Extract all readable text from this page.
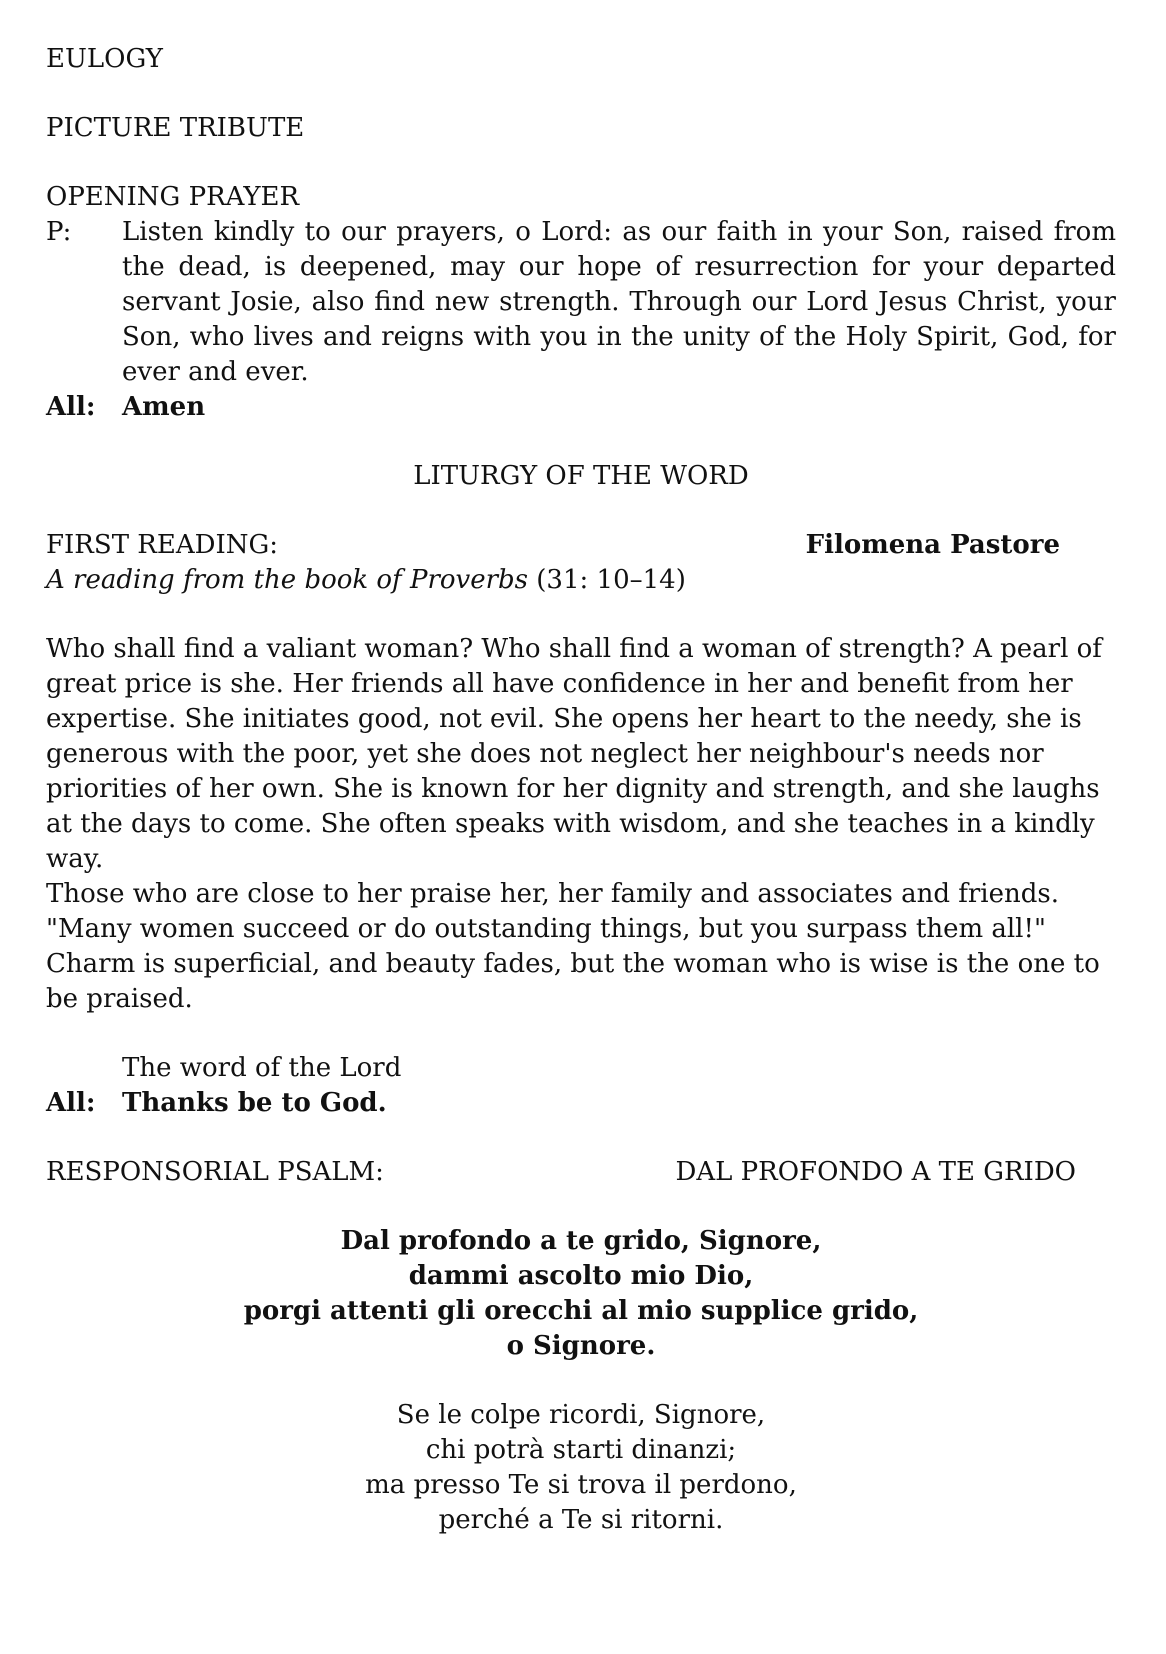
EULOGY
PICTURE TRIBUTE
OPENING PRAYER
P:	Listen kindly to our prayers, o Lord: as our faith in your Son, raised from the dead, is deepened, may our hope of resurrection for your departed servant Josie, also find new strength. Through our Lord Jesus Christ, your Son, who lives and reigns with you in the unity of the Holy Spirit, God, for ever and ever.
All:	Amen
LITURGY OF THE WORD
FIRST READING:	Filomena Pastore
A reading from the book of Proverbs (31: 10–14)

Who shall find a valiant woman? Who shall find a woman of strength? A pearl of great price is she. Her friends all have confidence in her and benefit from her expertise. She initiates good, not evil. She opens her heart to the needy, she is generous with the poor, yet she does not neglect her neighbour's needs nor priorities of her own. She is known for her dignity and strength, and she laughs at the days to come. She often speaks with wisdom, and she teaches in a kindly way.

Those who are close to her praise her, her family and associates and friends.

"Many women succeed or do outstanding things, but you surpass them all!"

Charm is superficial, and beauty fades, but the woman who is wise is the one to be praised.

The word of the Lord
All:	Thanks be to God.
RESPONSORIAL PSALM:	DAL PROFONDO A TE GRIDO
Dal profondo a te grido, Signore,
dammi ascolto mio Dio,
porgi attenti gli orecchi al mio supplice grido,
o Signore.
Se le colpe ricordi, Signore,
chi potrà starti dinanzi;
ma presso Te si trova il perdono,
perché a Te si ritorni.
